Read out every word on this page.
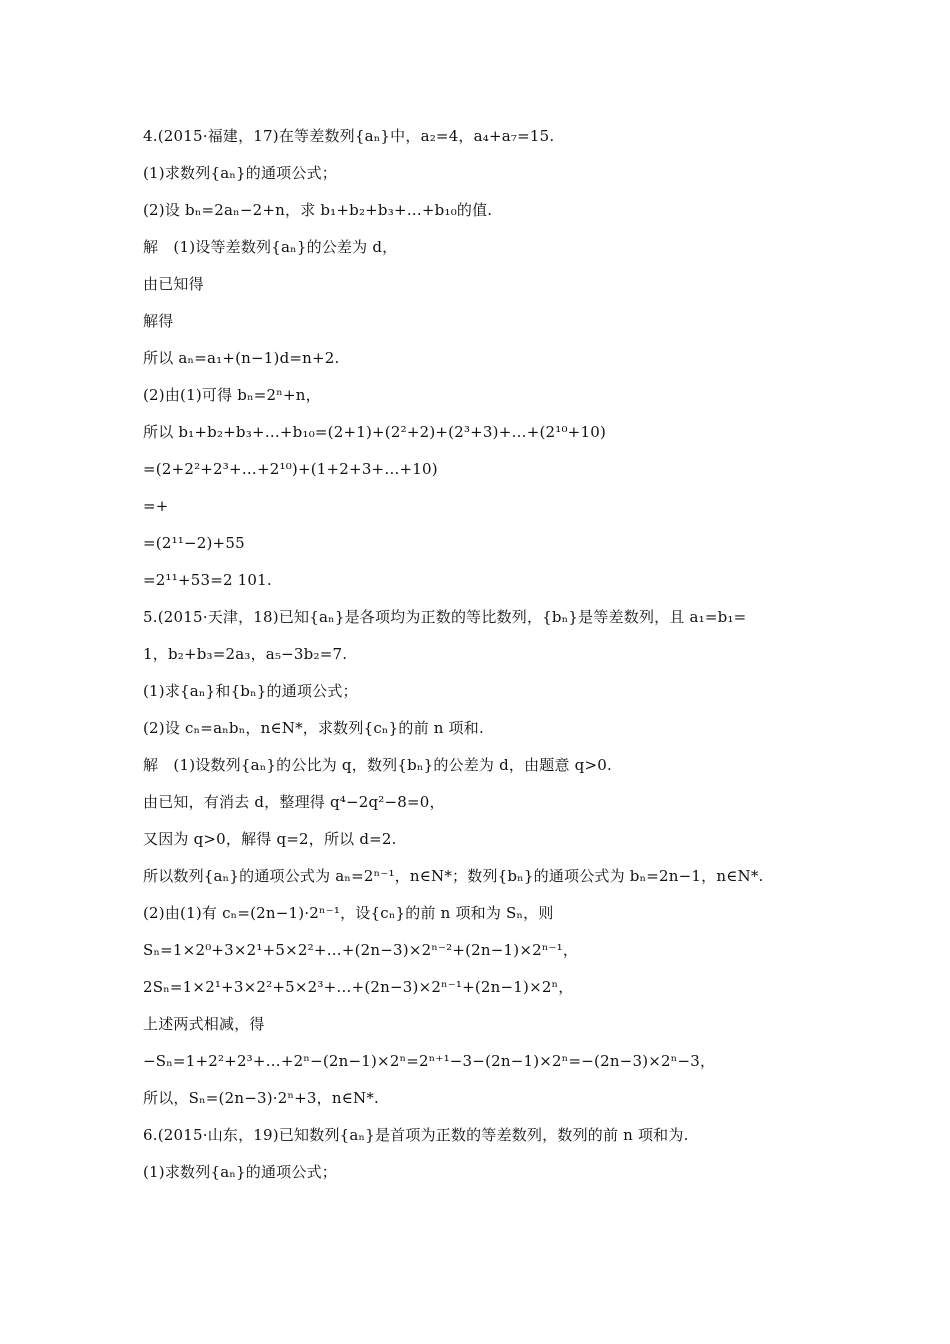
4.(2015·福建，17)在等差数列{aₙ}中，a₂=4，a₄+a₇=15.
(1)求数列{aₙ}的通项公式；
(2)设 bₙ=2aₙ−2+n，求 b₁+b₂+b₃+…+b₁₀的值.
解　(1)设等差数列{aₙ}的公差为 d，
由已知得
解得
所以 aₙ=a₁+(n−1)d=n+2.
(2)由(1)可得 bₙ=2ⁿ+n，
所以 b₁+b₂+b₃+…+b₁₀=(2+1)+(2²+2)+(2³+3)+…+(2¹⁰+10)
=(2+2²+2³+…+2¹⁰)+(1+2+3+…+10)
=+
=(2¹¹−2)+55
=2¹¹+53=2 101.
5.(2015·天津，18)已知{aₙ}是各项均为正数的等比数列，{bₙ}是等差数列，且 a₁=b₁=
1，b₂+b₃=2a₃，a₅−3b₂=7.
(1)求{aₙ}和{bₙ}的通项公式；
(2)设 cₙ=aₙbₙ，n∈N*，求数列{cₙ}的前 n 项和.
解　(1)设数列{aₙ}的公比为 q，数列{bₙ}的公差为 d，由题意 q>0.
由已知，有消去 d，整理得 q⁴−2q²−8=0，
又因为 q>0，解得 q=2，所以 d=2.
所以数列{aₙ}的通项公式为 aₙ=2ⁿ⁻¹，n∈N*；数列{bₙ}的通项公式为 bₙ=2n−1，n∈N*.
(2)由(1)有 cₙ=(2n−1)·2ⁿ⁻¹，设{cₙ}的前 n 项和为 Sₙ，则
Sₙ=1×2⁰+3×2¹+5×2²+…+(2n−3)×2ⁿ⁻²+(2n−1)×2ⁿ⁻¹，
2Sₙ=1×2¹+3×2²+5×2³+…+(2n−3)×2ⁿ⁻¹+(2n−1)×2ⁿ，
上述两式相减，得
−Sₙ=1+2²+2³+…+2ⁿ−(2n−1)×2ⁿ=2ⁿ⁺¹−3−(2n−1)×2ⁿ=−(2n−3)×2ⁿ−3，
所以，Sₙ=(2n−3)·2ⁿ+3，n∈N*.
6.(2015·山东，19)已知数列{aₙ}是首项为正数的等差数列，数列的前 n 项和为.
(1)求数列{aₙ}的通项公式；
